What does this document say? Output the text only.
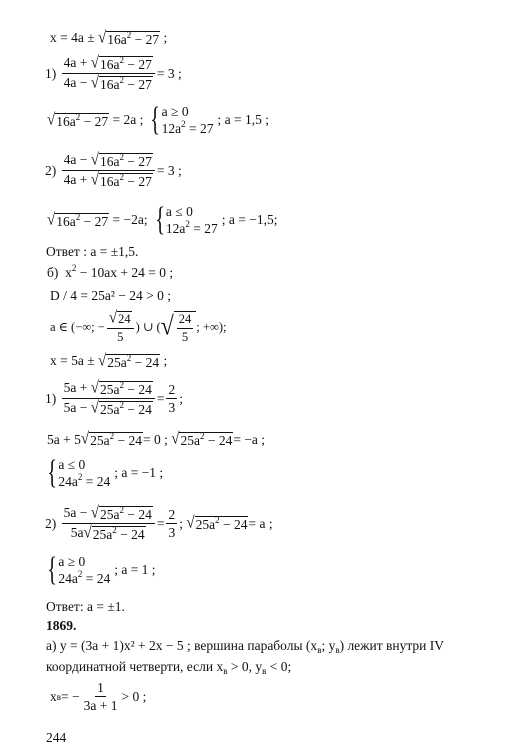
x = 4a ± √ $16a^2 - 27$ ;
1)
$\frac{4a + √ 16a^2 - 27}{4a - √ 16a^2 - 27} = 3$ ;
√ $16a^2 - 27$
= 2a ; { a ≥ 0
$12a^2 = 27$
; a = 1,5 ;
2)
$\frac{4a - √ 16a^2 - 27}{4a + √ 16a^2 - 27} = 3$ ;
√ $16a^2 - 27$
= −2a; { a ≤ 0
$12a^2 = 27$
; a = −1,5;
Ответ : a = ±1,5.
б)  $x^2 - 10ax + 24 = 0$ ;
D / 4 = 25a² − 24 > 0 ;
a ∈ (−∞; − $\frac{√ 24}{5}$ ) ∪ ( √ $\frac{24}{5}$ ; +∞);
x = 5a ± √ $25a^2 - 24$ ;
1)
$\frac{5a + √ 25a^2 - 24}{5a - √ 25a^2 - 24} = \frac{2}{3}$ ;
5a + 5 √ $25a^2 - 24 = 0$ ;
√ $25a^2 - 24 = -a$ ;
{ a ≤ 0
$24a^2 = 24$
; a = −1 ;
2)
$\frac{5a - √ 25a^2 - 24}{5a √ 25a^2 - 24} = \frac{2}{3}$ ; √ $25a^2 - 24 = a$ ;
{ a ≥ 0
$24a^2 = 24$
; a = 1 ;
Ответ: a = ±1.
1869.
а) y = (3a + 1)x² + 2x − 5 ; вершина параболы ($x_в$; $y_в$) лежит внутри IV
координатной четверти, если $x_в > 0$, $y_в < 0$;
x в = − $\frac{1}{3a + 1} > 0$ ;
244
